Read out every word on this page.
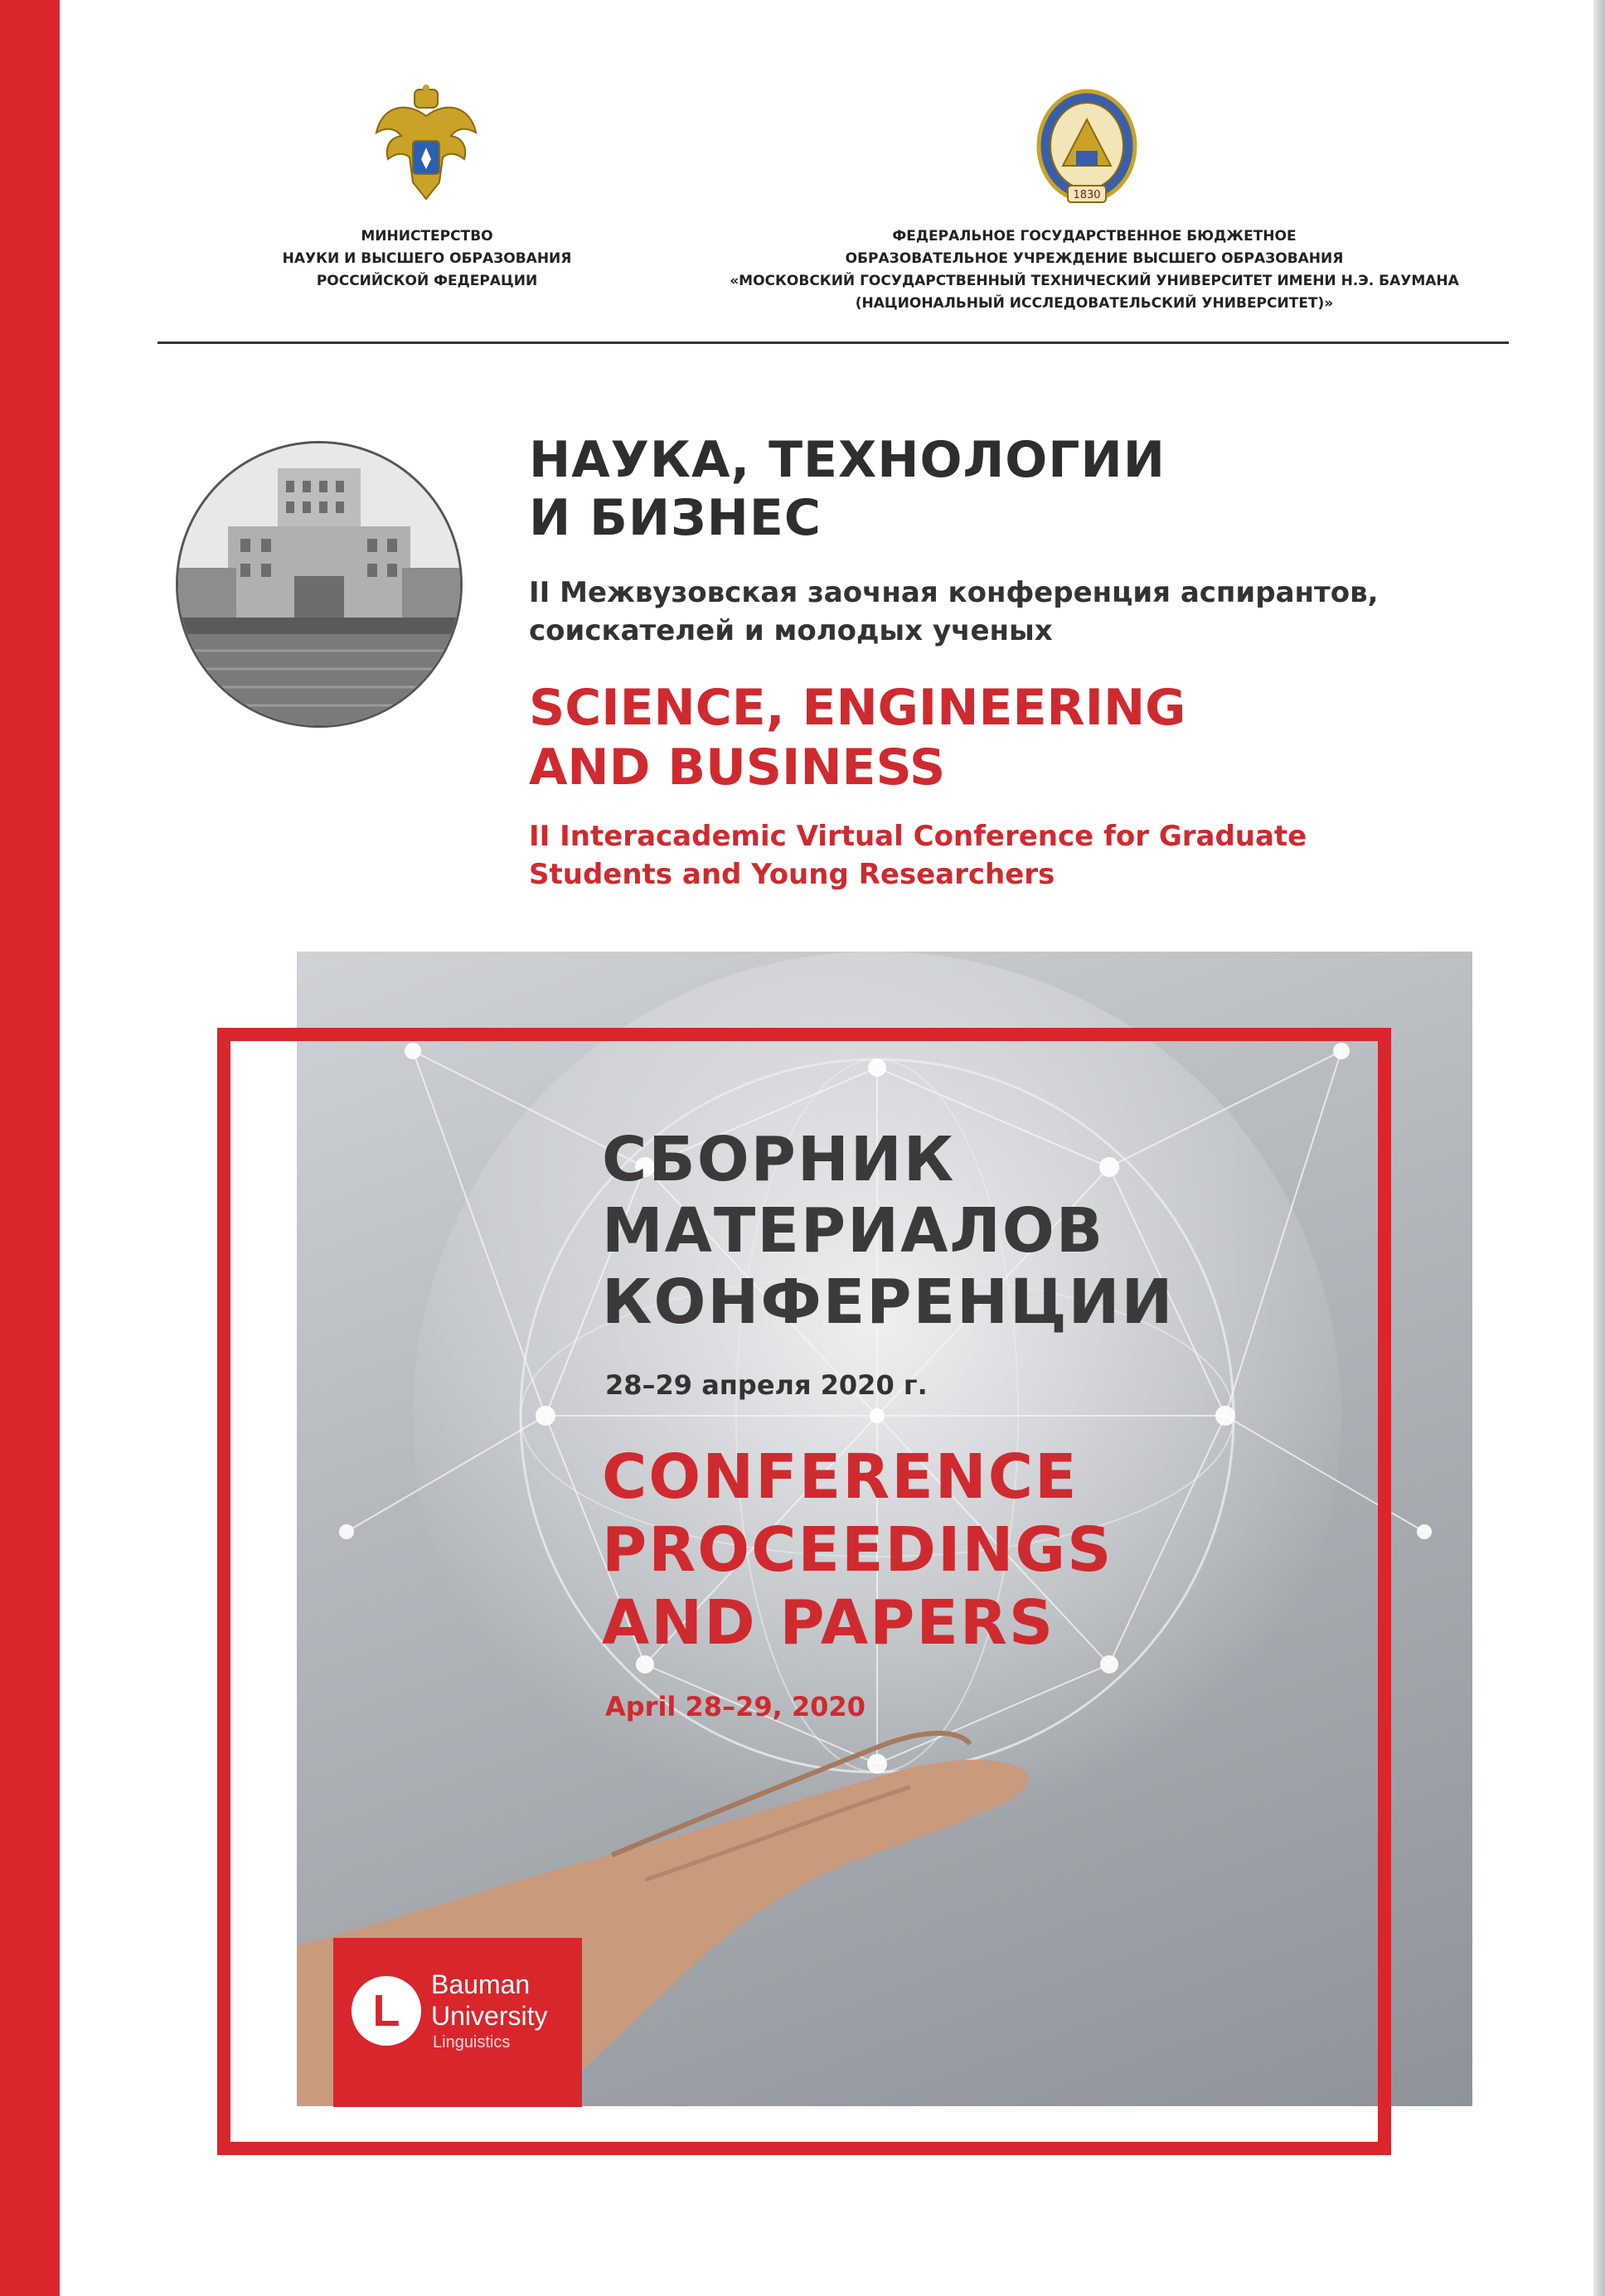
МИНИСТЕРСТВО
НАУКИ И ВЫСШЕГО ОБРАЗОВАНИЯ
РОССИЙСКОЙ ФЕДЕРАЦИИ
1830
ФЕДЕРАЛЬНОЕ ГОСУДАРСТВЕННОЕ БЮДЖЕТНОЕ
ОБРАЗОВАТЕЛЬНОЕ УЧРЕЖДЕНИЕ ВЫСШЕГО ОБРАЗОВАНИЯ
«МОСКОВСКИЙ ГОСУДАРСТВЕННЫЙ ТЕХНИЧЕСКИЙ УНИВЕРСИТЕТ ИМЕНИ Н.Э. БАУМАНА
(НАЦИОНАЛЬНЫЙ ИССЛЕДОВАТЕЛЬСКИЙ УНИВЕРСИТЕТ)»
НАУКА, ТЕХНОЛОГИИ
И БИЗНЕС
II Межвузовская заочная конференция аспирантов,
соискателей и молодых ученых
SCIENCE, ENGINEERING
AND BUSINESS
II Interacademic Virtual Conference for Graduate
Students and Young Researchers
СБОРНИК
МАТЕРИАЛОВ
КОНФЕРЕНЦИИ
28–29 апреля 2020 г.
CONFERENCE
PROCEEDINGS
AND PAPERS
April 28–29, 2020
L
Bauman
University
Linguistics
